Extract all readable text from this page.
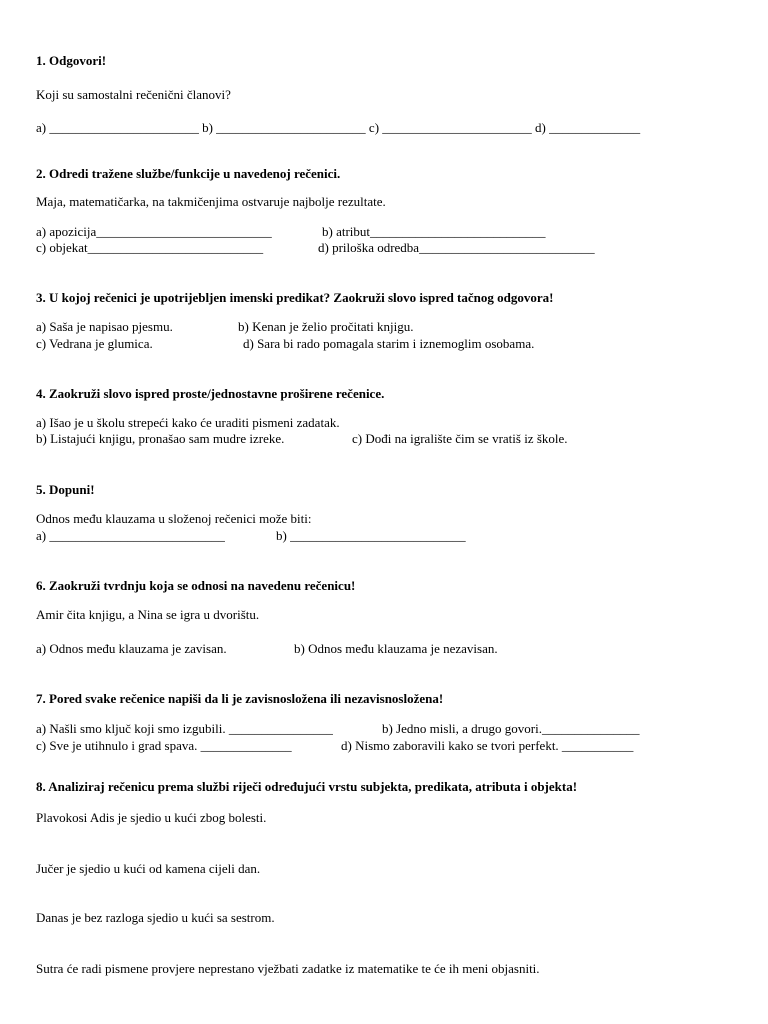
1. Odgovori!
Koji su samostalni rečenični članovi?
a) _______________________ b) _______________________ c) _______________________ d) ______________
2. Odredi tražene službe/funkcije u navedenoj rečenici.
Maja, matematičarka, na takmičenjima ostvaruje najbolje rezultate.
a) apozicija___________________________	b) atribut___________________________
c) objekat___________________________	d) priloška odredba___________________________
3. U kojoj rečenici je upotrijebljen imenski predikat? Zaokruži slovo ispred tačnog odgovora!
a) Saša je napisao pjesmu.	b) Kenan je želio pročitati knjigu.
c) Vedrana je glumica.	d) Sara bi rado pomagala starim i iznemoglim osobama.
4. Zaokruži slovo ispred proste/jednostavne proširene rečenice.
a) Išao je u školu strepeći kako će uraditi pismeni zadatak.
b) Listajući knjigu, pronašao sam mudre izreke.	c) Dođi na igralište čim se vratiš iz škole.
5. Dopuni!
Odnos među klauzama u složenoj rečenici može biti:
a) ___________________________	b) ___________________________
6. Zaokruži tvrdnju koja se odnosi na navedenu rečenicu!
Amir čita knjigu, a Nina se igra u dvorištu.
a) Odnos među klauzama je zavisan.	b) Odnos među klauzama je nezavisan.
7. Pored svake rečenice napiši da li je zavisnosložena ili nezavisnosložena!
a) Našli smo ključ koji smo izgubili. ________________	b) Jedno misli, a drugo govori._______________
c) Sve je utihnulo i grad spava. ______________	d) Nismo zaboravili kako se tvori perfekt. ___________
8. Analiziraj rečenicu prema službi riječi određujući vrstu subjekta, predikata, atributa i objekta!
Plavokosi Adis je sjedio u kući zbog bolesti.
Jučer je sjedio u kući od kamena cijeli dan.
Danas je bez razloga sjedio u kući sa sestrom.
Sutra će radi pismene provjere neprestano vježbati zadatke iz matematike te će ih meni objasniti.
